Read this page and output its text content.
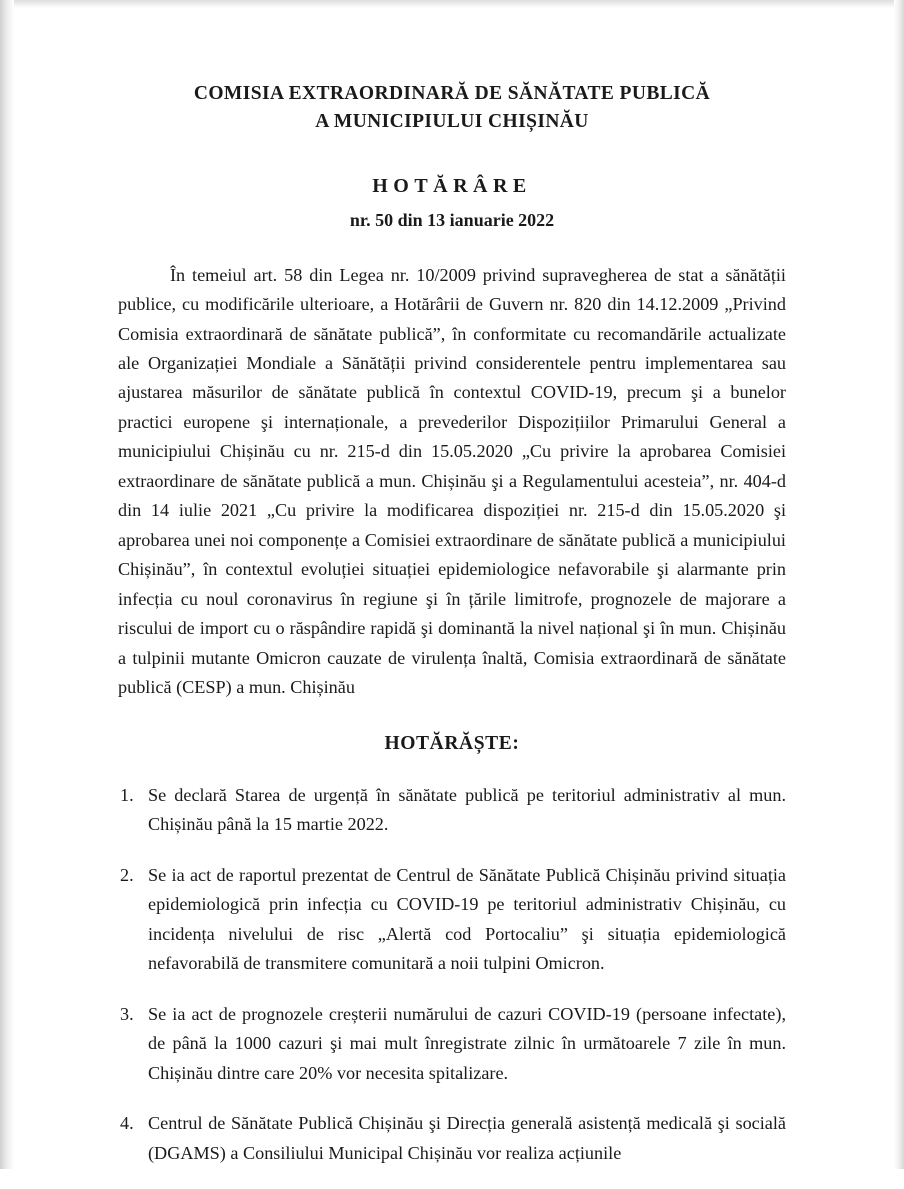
COMISIA EXTRAORDINARĂ DE SĂNĂTATE PUBLICĂ
A MUNICIPIULUI CHIȘINĂU
HOTĂRÂRE
nr. 50 din 13 ianuarie 2022

În temeiul art. 58 din Legea nr. 10/2009 privind supravegherea de stat a sănătății publice, cu modificările ulterioare, a Hotărârii de Guvern nr. 820 din 14.12.2009 „Privind Comisia extraordinară de sănătate publică”, în conformitate cu recomandările actualizate ale Organizației Mondiale a Sănătății privind considerentele pentru implementarea sau ajustarea măsurilor de sănătate publică în contextul COVID-19, precum şi a bunelor practici europene şi internaționale, a prevederilor Dispozițiilor Primarului General a municipiului Chișinău cu nr. 215-d din 15.05.2020 „Cu privire la aprobarea Comisiei extraordinare de sănătate publică a mun. Chișinău şi a Regulamentului acesteia”, nr. 404-d din 14 iulie 2021 „Cu privire la modificarea dispoziției nr. 215-d din 15.05.2020 şi aprobarea unei noi componențe a Comisiei extraordinare de sănătate publică a municipiului Chișinău”, în contextul evoluției situației epidemiologice nefavorabile şi alarmante prin infecția cu noul coronavirus în regiune şi în țările limitrofe, prognozele de majorare a riscului de import cu o răspândire rapidă şi dominantă la nivel național şi în mun. Chișinău a tulpinii mutante Omicron cauzate de virulența înaltă, Comisia extraordinară de sănătate publică (CESP) a mun. Chișinău

HOTĂRĂȘTE:
1. Se declară Starea de urgență în sănătate publică pe teritoriul administrativ al mun. Chișinău până la 15 martie 2022.
2. Se ia act de raportul prezentat de Centrul de Sănătate Publică Chișinău privind situația epidemiologică prin infecția cu COVID-19 pe teritoriul administrativ Chișinău, cu incidența nivelului de risc „Alertă cod Portocaliu” şi situația epidemiologică nefavorabilă de transmitere comunitară a noii tulpini Omicron.
3. Se ia act de prognozele creșterii numărului de cazuri COVID-19 (persoane infectate), de până la 1000 cazuri şi mai mult înregistrate zilnic în următoarele 7 zile în mun. Chișinău dintre care 20% vor necesita spitalizare.
4. Centrul de Sănătate Publică Chișinău şi Direcția generală asistență medicală şi socială (DGAMS) a Consiliului Municipal Chișinău vor realiza acțiunile
